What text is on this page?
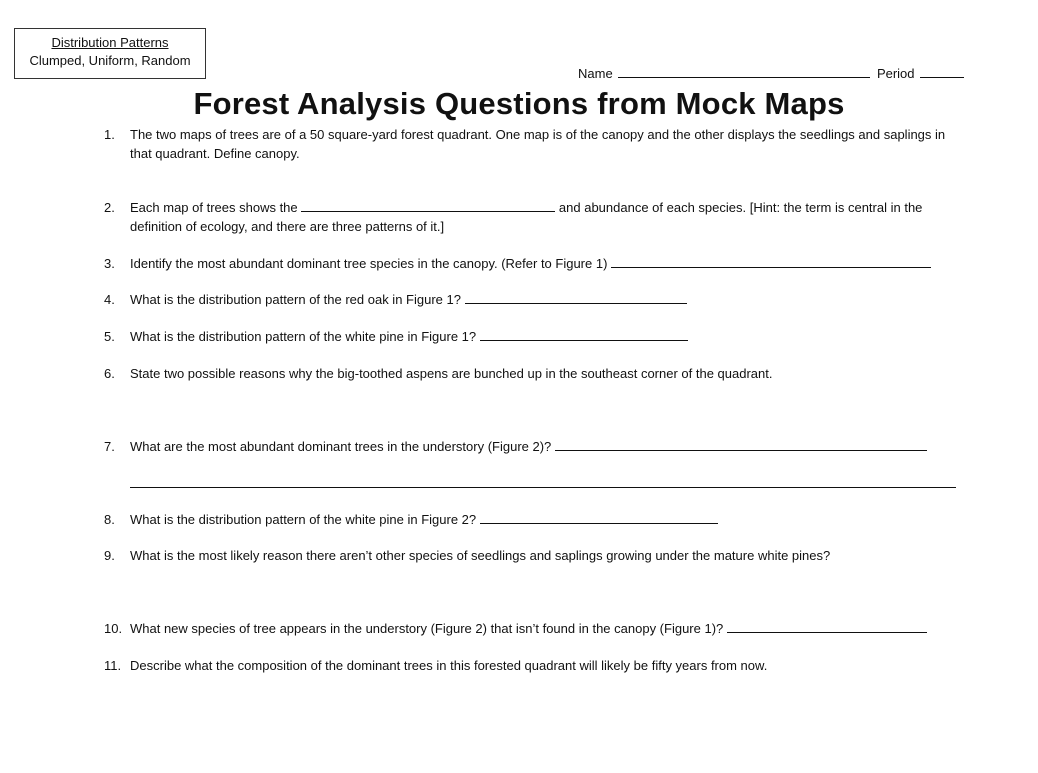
Distribution Patterns
Clumped, Uniform, Random
Name	Period
Forest Analysis Questions from Mock Maps
1. The two maps of trees are of a 50 square-yard forest quadrant. One map is of the canopy and the other displays the seedlings and saplings in that quadrant. Define canopy.
2. Each map of trees shows the	and abundance of each species. [Hint: the term is central in the definition of ecology, and there are three patterns of it.]
3. Identify the most abundant dominant tree species in the canopy. (Refer to Figure 1)
4. What is the distribution pattern of the red oak in Figure 1?
5. What is the distribution pattern of the white pine in Figure 1?
6. State two possible reasons why the big-toothed aspens are bunched up in the southeast corner of the quadrant.
7. What are the most abundant dominant trees in the understory (Figure 2)?
8. What is the distribution pattern of the white pine in Figure 2?
9. What is the most likely reason there aren’t other species of seedlings and saplings growing under the mature white pines?
10. What new species of tree appears in the understory (Figure 2) that isn’t found in the canopy (Figure 1)?
11. Describe what the composition of the dominant trees in this forested quadrant will likely be fifty years from now.
